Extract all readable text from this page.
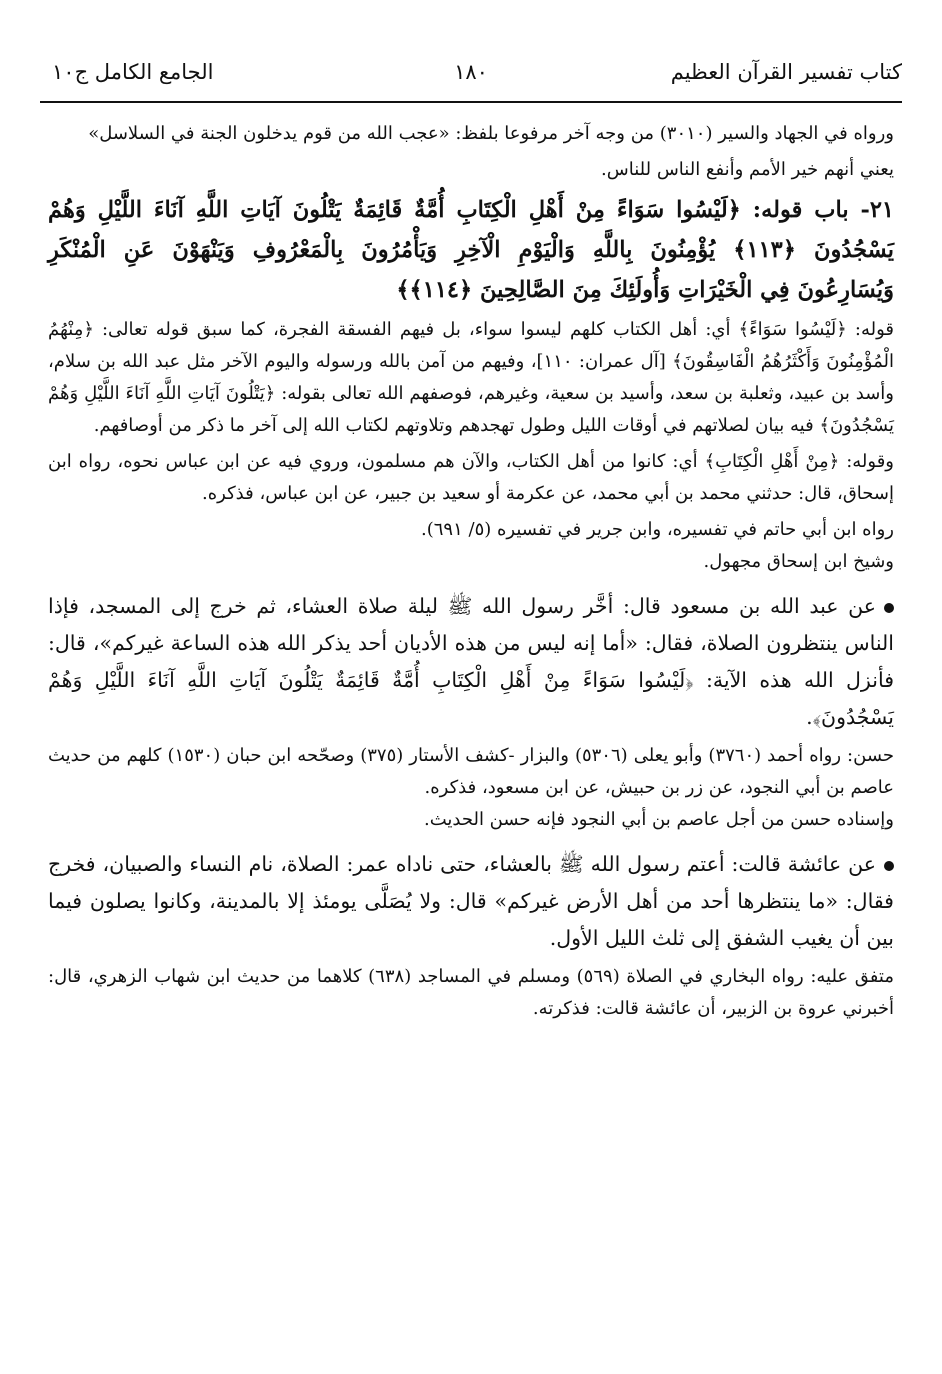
كتاب تفسير القرآن العظيم
١٨٠
الجامع الكامل ج١٠

ورواه في الجهاد والسير (٣٠١٠) من وجه آخر مرفوعا بلفظ: «عجب الله من قوم يدخلون الجنة في السلاسل»

يعني أنهم خير الأمم وأنفع الناس للناس.

٢١- باب قوله: ﴿لَيْسُوا سَوَاءً مِنْ أَهْلِ الْكِتَابِ أُمَّةٌ قَائِمَةٌ يَتْلُونَ آيَاتِ اللَّهِ آنَاءَ اللَّيْلِ وَهُمْ يَسْجُدُونَ ﴿١١٣﴾ يُؤْمِنُونَ بِاللَّهِ وَالْيَوْمِ الْآخِرِ وَيَأْمُرُونَ بِالْمَعْرُوفِ وَيَنْهَوْنَ عَنِ الْمُنْكَرِ وَيُسَارِعُونَ فِي الْخَيْرَاتِ وَأُولَئِكَ مِنَ الصَّالِحِينَ ﴿١١٤﴾﴾

قوله: ﴿لَيْسُوا سَوَاءً﴾ أي: أهل الكتاب كلهم ليسوا سواء، بل فيهم الفسقة الفجرة، كما سبق قوله تعالى: ﴿مِنْهُمُ الْمُؤْمِنُونَ وَأَكْثَرُهُمُ الْفَاسِقُونَ﴾ [آل عمران: ١١٠]، وفيهم من آمن بالله ورسوله واليوم الآخر مثل عبد الله بن سلام، وأسد بن عبيد، وثعلبة بن سعد، وأسيد بن سعية، وغيرهم، فوصفهم الله تعالى بقوله: ﴿يَتْلُونَ آيَاتِ اللَّهِ آنَاءَ اللَّيْلِ وَهُمْ يَسْجُدُونَ﴾ فيه بيان لصلاتهم في أوقات الليل وطول تهجدهم وتلاوتهم لكتاب الله إلى آخر ما ذكر من أوصافهم.

وقوله: ﴿مِنْ أَهْلِ الْكِتَابِ﴾ أي: كانوا من أهل الكتاب، والآن هم مسلمون، وروي فيه عن ابن عباس نحوه، رواه ابن إسحاق، قال: حدثني محمد بن أبي محمد، عن عكرمة أو سعيد بن جبير، عن ابن عباس، فذكره.

رواه ابن أبي حاتم في تفسيره، وابن جرير في تفسيره (٥/ ٦٩١).

وشيخ ابن إسحاق مجهول.

عن عبد الله بن مسعود قال: أخَّر رسول الله ﷺ ليلة صلاة العشاء، ثم خرج إلى المسجد، فإذا الناس ينتظرون الصلاة، فقال: «أما إنه ليس من هذه الأديان أحد يذكر الله هذه الساعة غيركم»، قال: فأنزل الله هذه الآية: ﴿لَيْسُوا سَوَاءً مِنْ أَهْلِ الْكِتَابِ أُمَّةٌ قَائِمَةٌ يَتْلُونَ آيَاتِ اللَّهِ آنَاءَ اللَّيْلِ وَهُمْ يَسْجُدُونَ﴾.

حسن: رواه أحمد (٣٧٦٠) وأبو يعلى (٥٣٠٦) والبزار -كشف الأستار (٣٧٥) وصحّحه ابن حبان (١٥٣٠) كلهم من حديث عاصم بن أبي النجود، عن زر بن حبيش، عن ابن مسعود، فذكره.

وإسناده حسن من أجل عاصم بن أبي النجود فإنه حسن الحديث.

عن عائشة قالت: أعتم رسول الله ﷺ بالعشاء، حتى ناداه عمر: الصلاة، نام النساء والصبيان، فخرج فقال: «ما ينتظرها أحد من أهل الأرض غيركم» قال: ولا يُصَلَّى يومئذ إلا بالمدينة، وكانوا يصلون فيما بين أن يغيب الشفق إلى ثلث الليل الأول.

متفق عليه: رواه البخاري في الصلاة (٥٦٩) ومسلم في المساجد (٦٣٨) كلاهما من حديث ابن شهاب الزهري، قال: أخبرني عروة بن الزبير، أن عائشة قالت: فذكرته.
